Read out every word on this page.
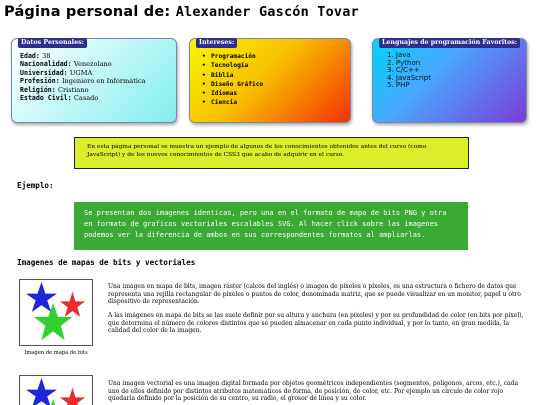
Página personal de: Alexander Gascón Tovar
Datos Personales:
Edad: 38
Nacionalidad: Venezolano
Universidad: UGMA
Profesión: Ingeniero en Informática
Religión: Cristiano
Estado Civil: Casado
Intereses:
• Programación
• Tecnología
• Biblia
• Diseño Gráfico
• Idiomas
• Ciencia
Lenguajes de programación Favoritos:
1. Java
2. Python
3. C/C++
4. JavaScript
5. PHP
En esta página personal se muestra un ejemplo de algunos de los conocimientos obtenidos antes del curso (como JavaScript) y de los nuevos conocimientos de CSS3 que acabo de adquirir en el curso.
Ejemplo:
Se presentan dos imagenes identicas, pero una en el formato de mapa de bits PNG y otra en formato de graficos vectoriales escalables SVG. Al hacer click sobre las imagenes podemos ver la diferencia de ambos en sus correspondentes formatos al ampliarlas.
Imagenes de mapas de bits y vectoriales
Imagen de mapa de bits
Una imagen en mapa de bits, imagen ráster (calcos del inglés) o imagen de píxeles o píxeles, es una estructura o fichero de datos que representa una rejilla rectangular de píxeles o puntos de color, denominada matriz, que se puede visualizar en un monitor, papel u otro dispositivo de representación.
A las imágenes en mapa de bits se las suele definir por su altura y anchura (en píxeles) y por su profundidad de color (en bits por píxel), que determina el número de colores distintos que se pueden almacenar en cada punto individual, y por lo tanto, en gran medida, la calidad del color de la imagen.
Una imagen vectorial es una imagen digital formada por objetos geométricos independientes (segmentos, polígonos, arcos, etc.), cada uno de ellos definido por distintos atributos matemáticos de forma, de posición, de color, etc. Por ejemplo un círculo de color rojo quedaría definido por la posición de su centro, su radio, el grosor de línea y su color.
